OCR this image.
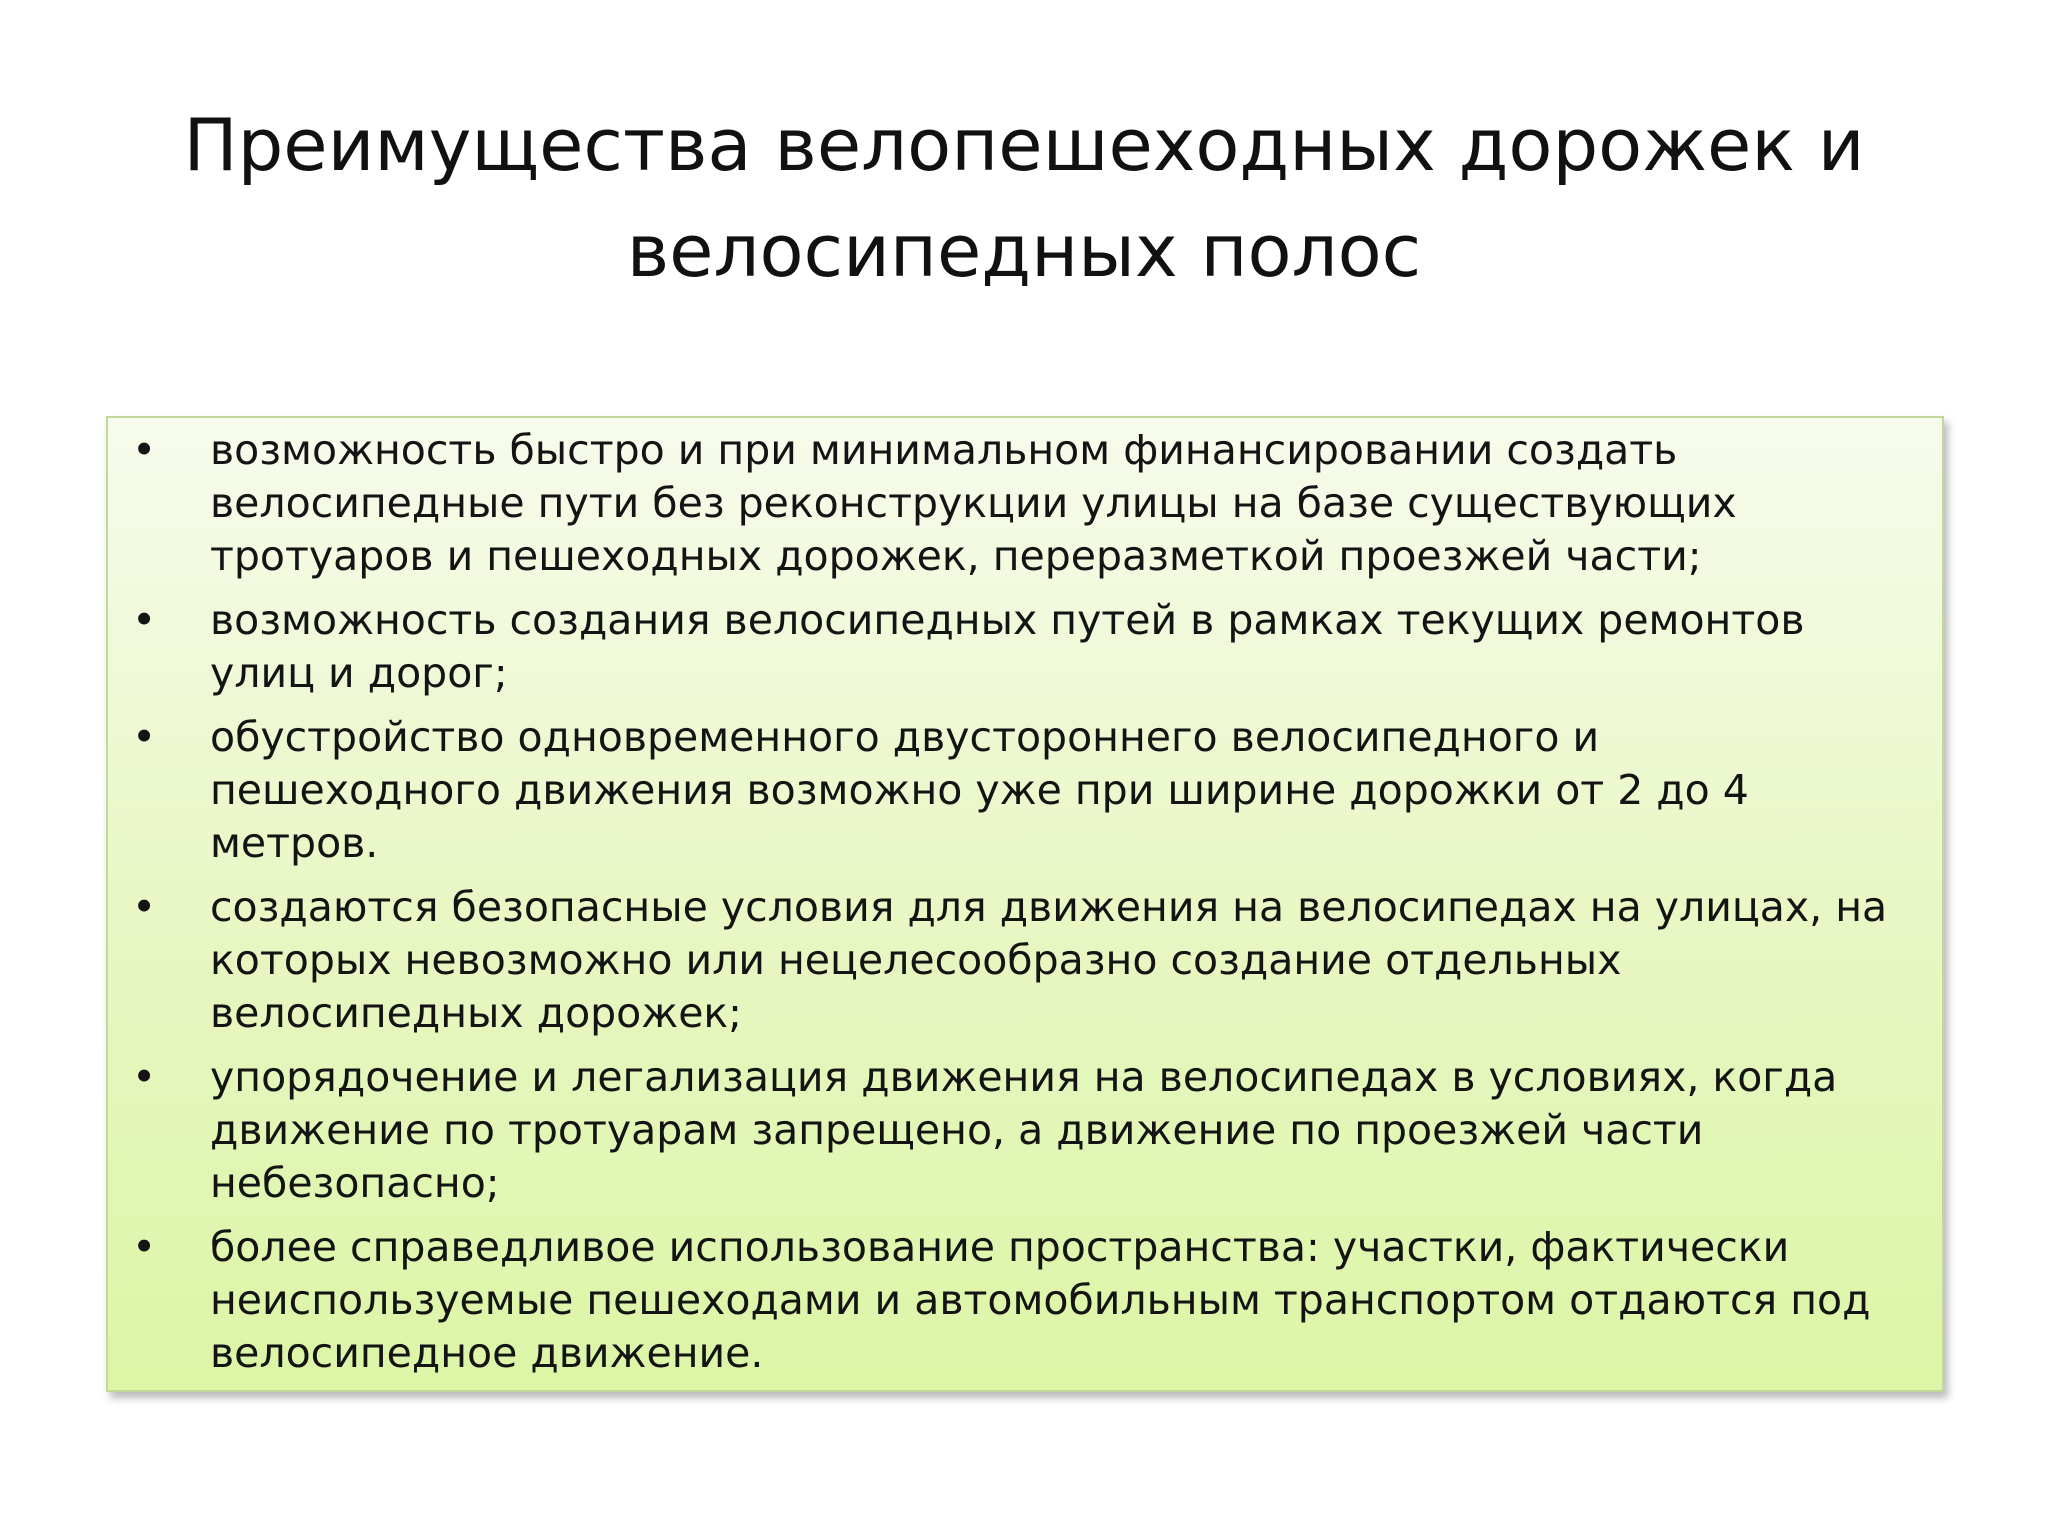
Преимущества велопешеходных дорожек и велосипедных полос
• возможность быстро и при минимальном финансировании создать велосипедные пути без реконструкции улицы на базе существующих тротуаров и пешеходных дорожек, переразметкой проезжей части;
• возможность создания велосипедных путей в рамках текущих ремонтов улиц и дорог;
• обустройство одновременного двустороннего велосипедного и пешеходного движения возможно уже при ширине дорожки от 2 до 4 метров.
• создаются безопасные условия для движения на велосипедах на улицах, на которых невозможно или нецелесообразно создание отдельных велосипедных дорожек;
• упорядочение и легализация движения на велосипедах в условиях, когда движение по тротуарам запрещено, а движение по проезжей части небезопасно;
• более справедливое использование пространства: участки, фактически неиспользуемые пешеходами и автомобильным транспортом отдаются под велосипедное движение.
